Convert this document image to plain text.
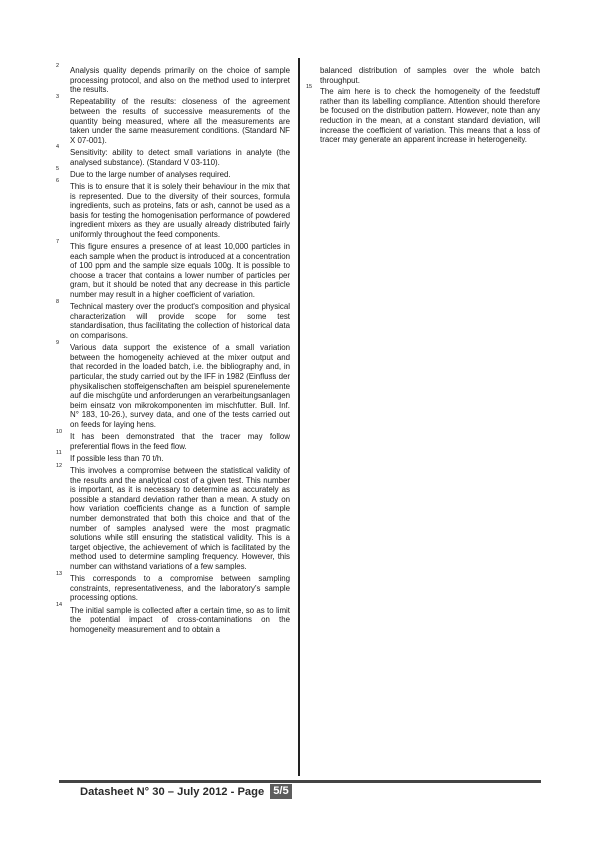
2
Analysis quality depends primarily on the choice of sample processing protocol, and also on the method used to interpret the results.
3
Repeatability of the results: closeness of the agreement between the results of successive measurements of the quantity being measured, where all the measurements are taken under the same measurement conditions. (Standard NF X 07-001).
4
Sensitivity: ability to detect small variations in analyte (the analysed substance). (Standard V 03-110).
5
Due to the large number of analyses required.
6
This is to ensure that it is solely their behaviour in the mix that is represented. Due to the diversity of their sources, formula ingredients, such as proteins, fats or ash, cannot be used as a basis for testing the homogenisation performance of powdered ingredient mixers as they are usually already distributed fairly uniformly throughout the feed components.
7
This figure ensures a presence of at least 10,000 particles in each sample when the product is introduced at a concentration of 100 ppm and the sample size equals 100g. It is possible to choose a tracer that contains a lower number of particles per gram, but it should be noted that any decrease in this particle number may result in a higher coefficient of variation.
8
Technical mastery over the product's composition and physical characterization will provide scope for some test standardisation, thus facilitating the collection of historical data on comparisons.
9
Various data support the existence of a small variation between the homogeneity achieved at the mixer output and that recorded in the loaded batch, i.e. the bibliography and, in particular, the study carried out by the IFF in 1982 (Einfluss der physikalischen stoffeigenschaften am beispiel spurenelemente auf die mischgüte und anforderungen an verarbeitungsanlagen beim einsatz von mikrokomponenten im mischfutter. Bull. Inf. N° 183, 10-26.), survey data, and one of the tests carried out on feeds for laying hens.
10
It has been demonstrated that the tracer may follow preferential flows in the feed flow.
11
If possible less than 70 t/h.
12
This involves a compromise between the statistical validity of the results and the analytical cost of a given test. This number is important, as it is necessary to determine as accurately as possible a standard deviation rather than a mean. A study on how variation coefficients change as a function of sample number demonstrated that both this choice and that of the number of samples analysed were the most pragmatic solutions while still ensuring the statistical validity. This is a target objective, the achievement of which is facilitated by the method used to determine sampling frequency. However, this number can withstand variations of a few samples.
13
This corresponds to a compromise between sampling constraints, representativeness, and the laboratory's sample processing options.
14
The initial sample is collected after a certain time, so as to limit the potential impact of cross-contaminations on the homogeneity measurement and to obtain a
balanced distribution of samples over the whole batch throughput.
15
The aim here is to check the homogeneity of the feedstuff rather than its labelling compliance. Attention should therefore be focused on the distribution pattern. However, note than any reduction in the mean, at a constant standard deviation, will increase the coefficient of variation. This means that a loss of tracer may generate an apparent increase in heterogeneity.
Datasheet N° 30 – July 2012 - Page 5/5
